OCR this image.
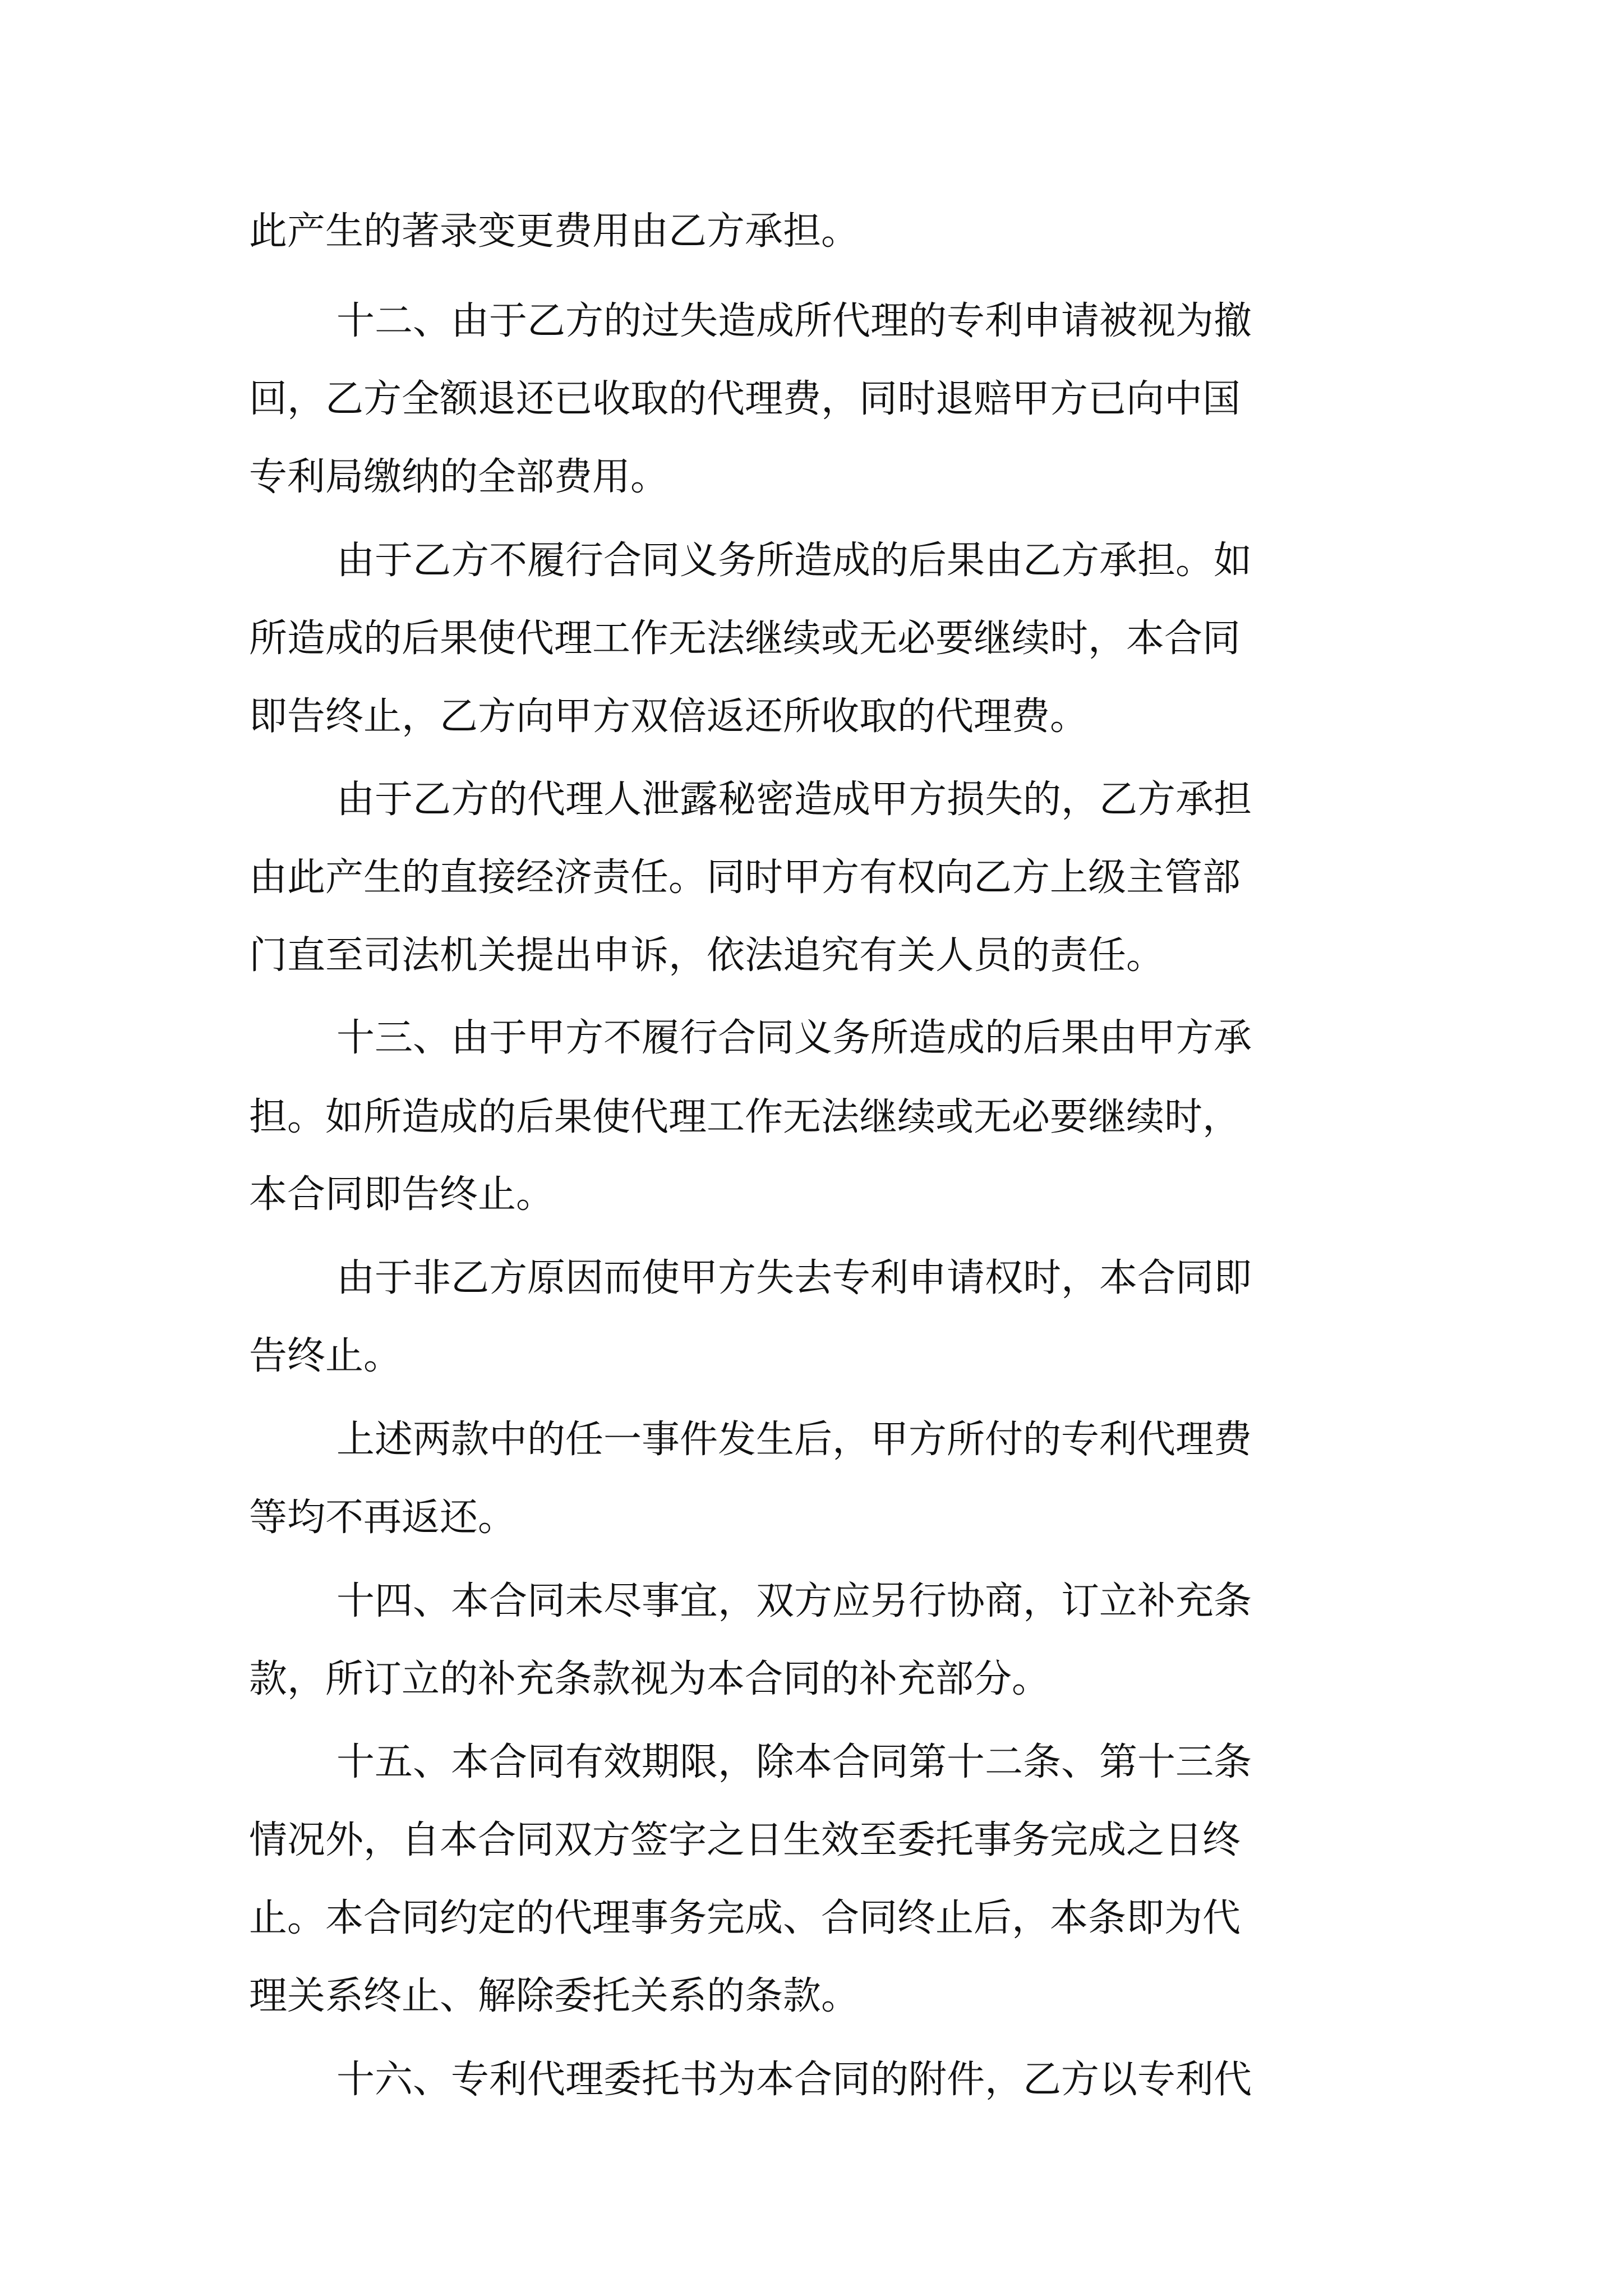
此产生的著录变更费用由乙方承担。
十二、由于乙方的过失造成所代理的专利申请被视为撤
回，乙方全额退还已收取的代理费，同时退赔甲方已向中国
专利局缴纳的全部费用。
由于乙方不履行合同义务所造成的后果由乙方承担。如
所造成的后果使代理工作无法继续或无必要继续时，本合同
即告终止，乙方向甲方双倍返还所收取的代理费。
由于乙方的代理人泄露秘密造成甲方损失的，乙方承担
由此产生的直接经济责任。同时甲方有权向乙方上级主管部
门直至司法机关提出申诉，依法追究有关人员的责任。
十三、由于甲方不履行合同义务所造成的后果由甲方承
担。如所造成的后果使代理工作无法继续或无必要继续时，
本合同即告终止。
由于非乙方原因而使甲方失去专利申请权时，本合同即
告终止。
上述两款中的任一事件发生后，甲方所付的专利代理费
等均不再返还。
十四、本合同未尽事宜，双方应另行协商，订立补充条
款，所订立的补充条款视为本合同的补充部分。
十五、本合同有效期限，除本合同第十二条、第十三条
情况外，自本合同双方签字之日生效至委托事务完成之日终
止。本合同约定的代理事务完成、合同终止后，本条即为代
理关系终止、解除委托关系的条款。
十六、专利代理委托书为本合同的附件，乙方以专利代
